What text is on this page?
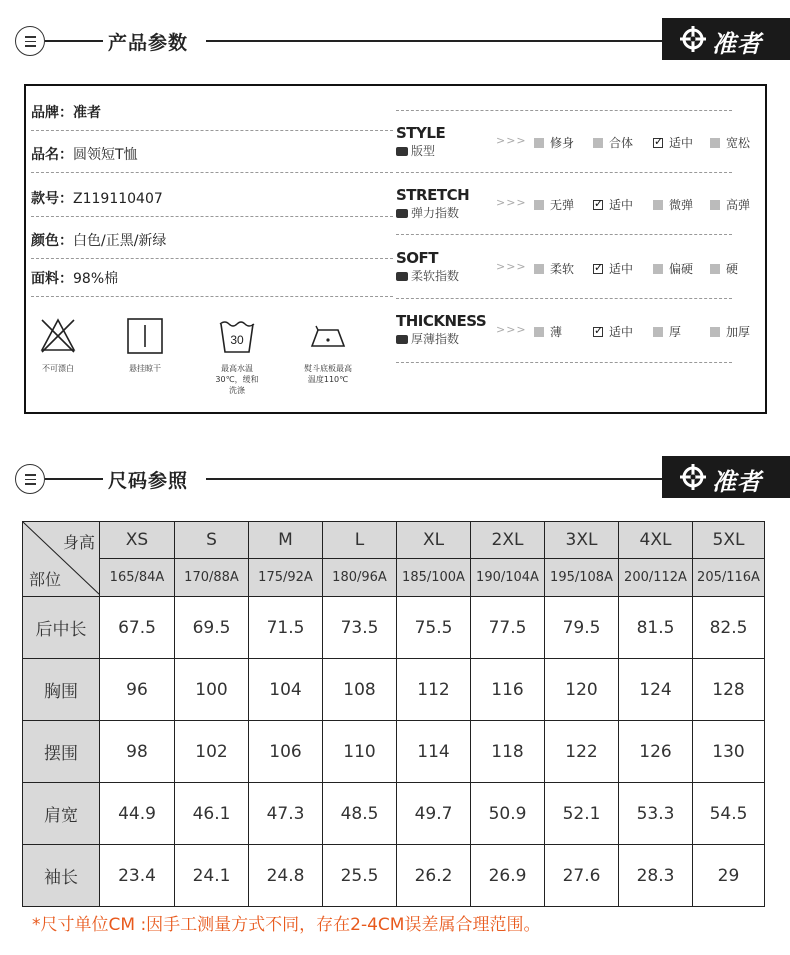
产品参数	准者
品牌：准者
品名：圆领短T恤
款号：Z119110407
颜色：白色/正黑/新绿
面料：98%棉
不可漂白	悬挂晾干
30
最高水温30℃，缓和洗涤
熨斗底板最高温度110℃
STYLE
版型
>>>	修身	合体 ✓	适中	宽松
STRETCH
弹力指数
>>>	无弹 ✓	适中	微弹	高弹
SOFT
柔软指数
>>>	柔软 ✓	适中	偏硬	硬
THICKNESS
厚薄指数
>>>	薄 ✓	适中	厚	加厚
尺码参照	准者
身高
部位	XS	S	M	L	XL	2XL	3XL	4XL	5XL
	165/84A	170/88A	175/92A	180/96A	185/100A	190/104A	195/108A	200/112A	205/116A
后中长	67.5	69.5	71.5	73.5	75.5	77.5	79.5	81.5	82.5
胸围	96	100	104	108	112	116	120	124	128
摆围	98	102	106	110	114	118	122	126	130
肩宽	44.9	46.1	47.3	48.5	49.7	50.9	52.1	53.3	54.5
袖长	23.4	24.1	24.8	25.5	26.2	26.9	27.6	28.3	29
*尺寸单位CM :因手工测量方式不同，存在2-4CM误差属合理范围。
